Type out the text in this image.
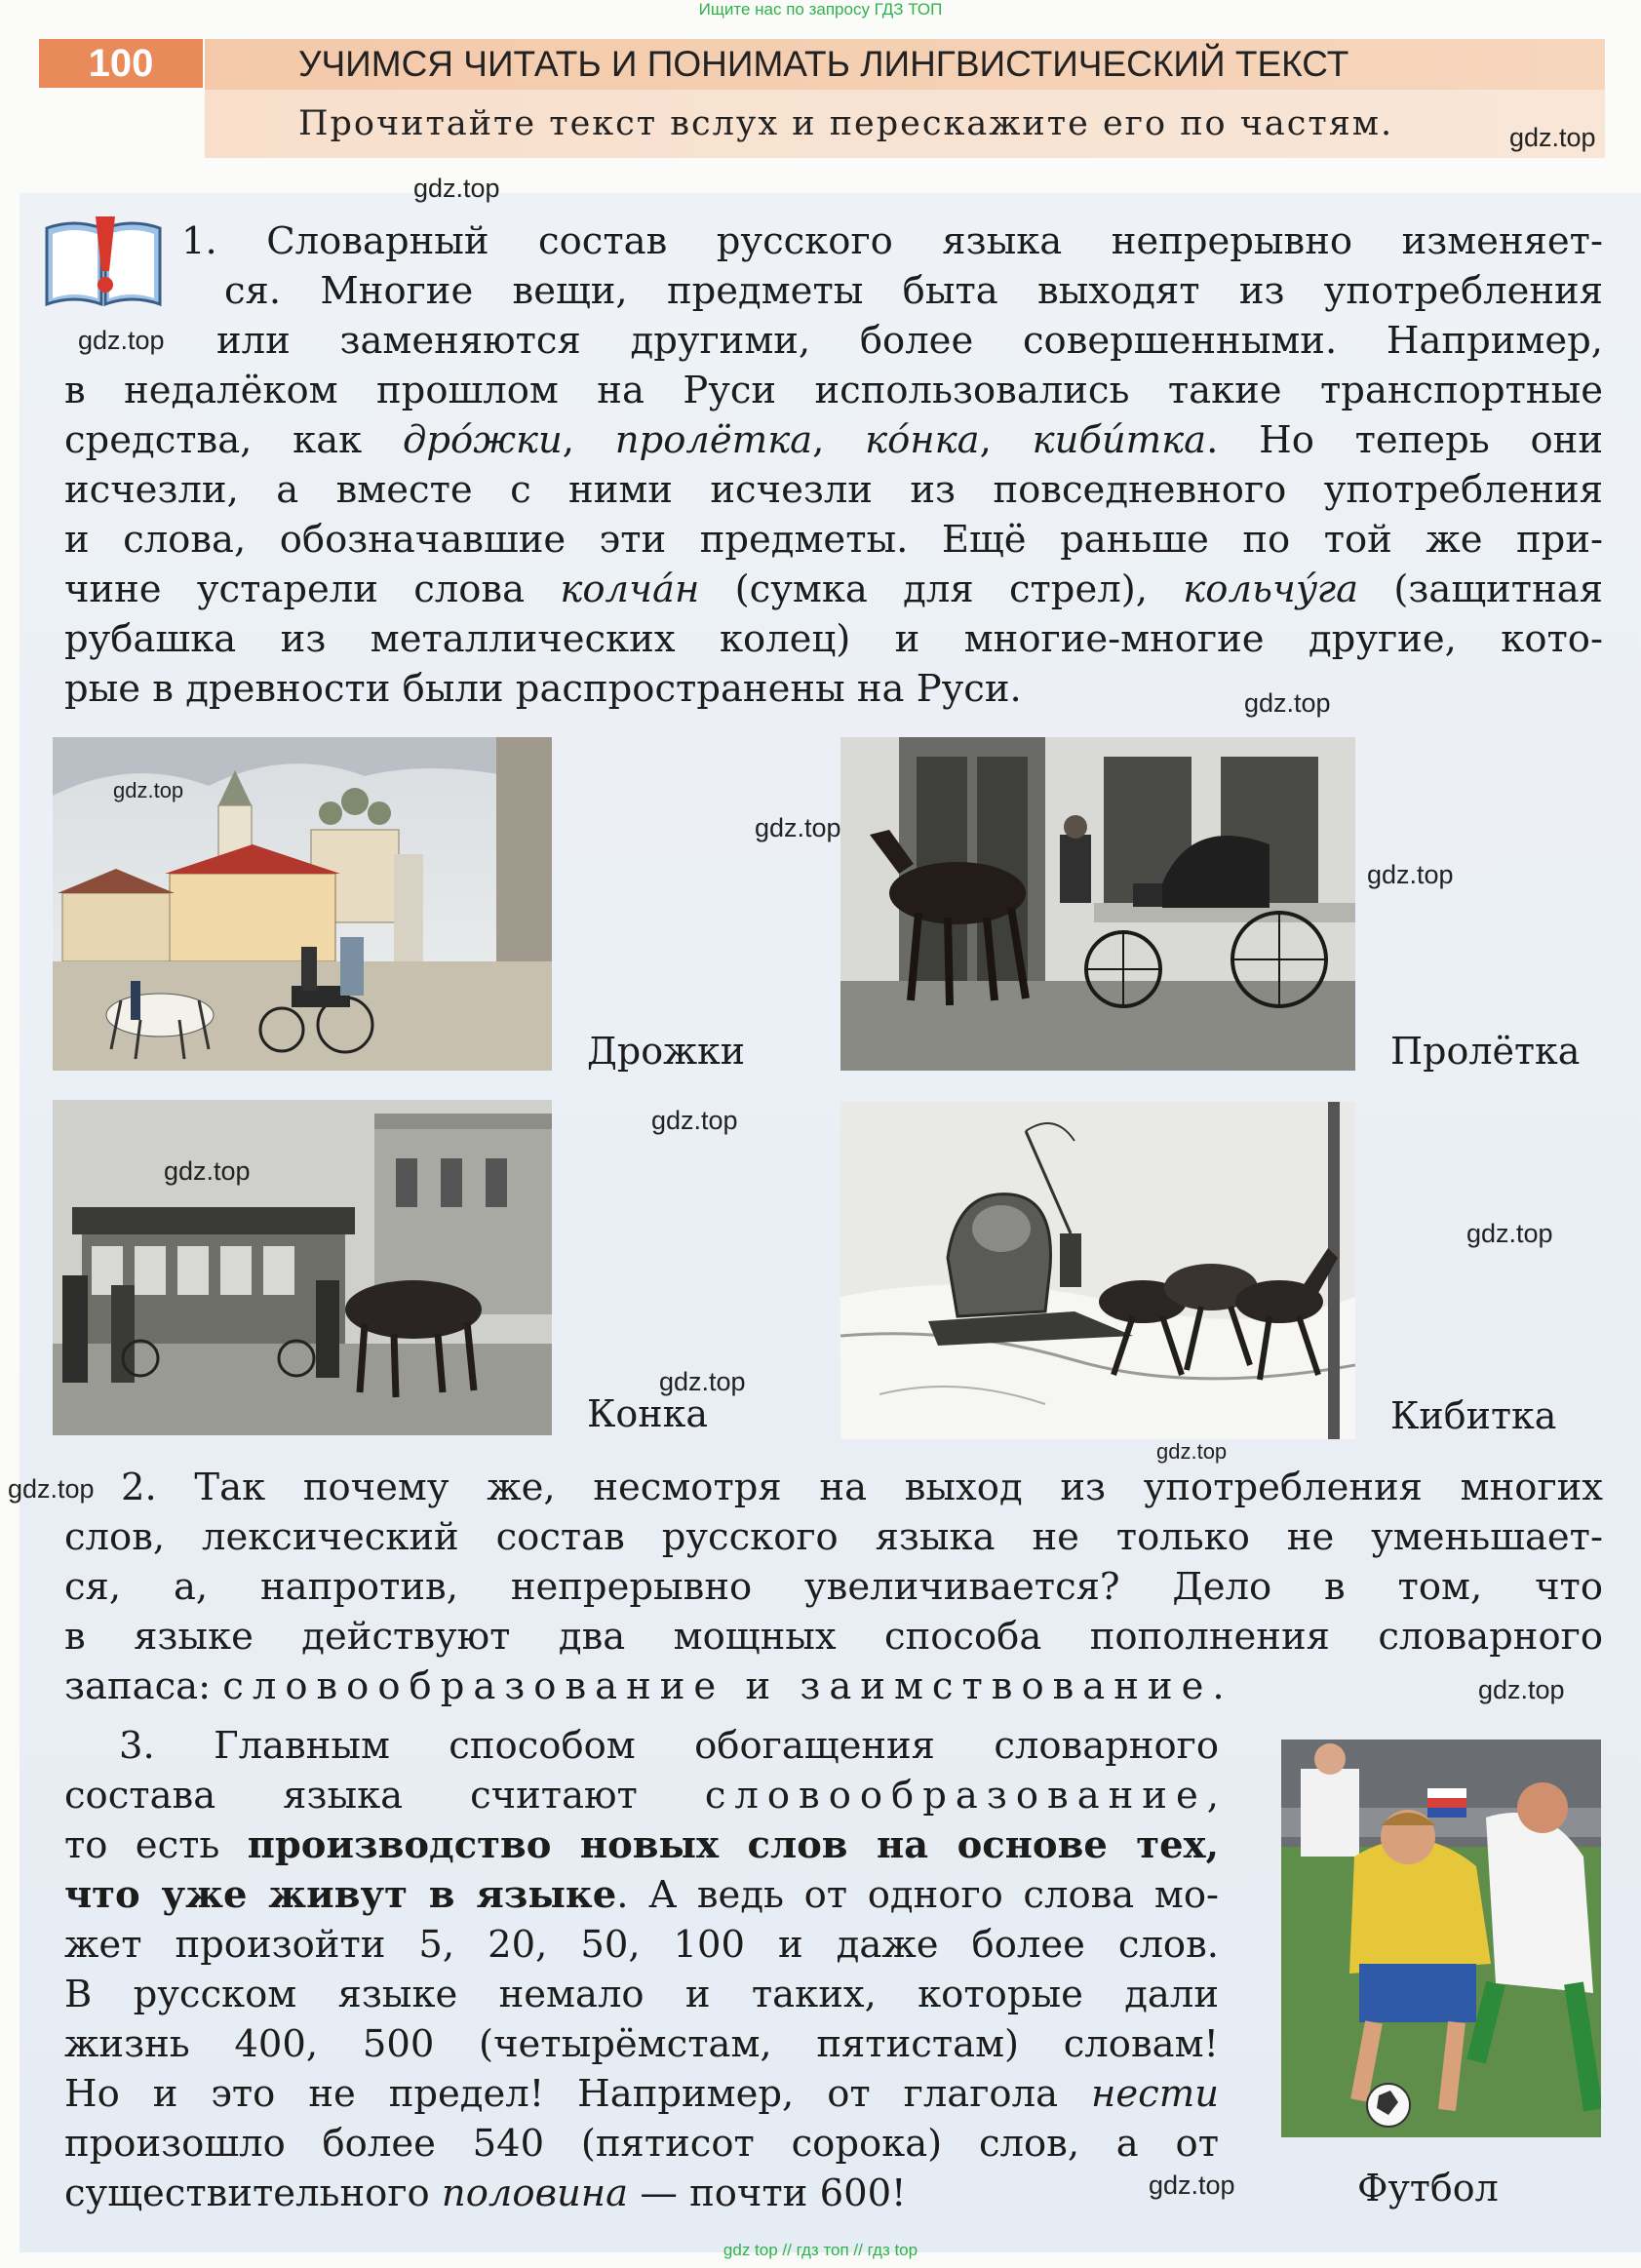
Ищите нас по запросу ГДЗ ТОП
100	УЧИМСЯ ЧИТАТЬ И ПОНИМАТЬ ЛИНГВИСТИЧЕСКИЙ ТЕКСТ
Прочитайте текст вслух и перескажите его по частям.
1. Словарный состав русского языка непрерывно изменяет-
ся. Многие вещи, предметы быта выходят из употребления
или заменяются другими, более совершенными. Например,
в недалёком прошлом на Руси использовались такие транспортные
средства, как дрóжки, пролётка, кóнка, кибúтка. Но теперь они
исчезли, а вместе с ними исчезли из повседневного употребления
и слова, обозначавшие эти предметы. Ещё раньше по той же при-
чине устарели слова колчáн (сумка для стрел), кольчýга (защитная
рубашка из металлических колец) и многие-многие другие, кото-
рые в древности были распространены на Руси.
Дрожки	Пролётка
Конка	Кибитка
2. Так почему же, несмотря на выход из употребления многих
слов, лексический состав русского языка не только не уменьшает-
ся, а, напротив, непрерывно увеличивается? Дело в том, что
в языке действуют два мощных способа пополнения словарного
запаса: словообразование и заимствование.
3. Главным способом обогащения словарного
состава языка считают словообразование,
то есть производство новых слов на основе тех,
что уже живут в языке. А ведь от одного слова мо-
жет произойти 5, 20, 50, 100 и даже более слов.
В русском языке немало и таких, которые дали
жизнь 400, 500 (четырёмстам, пятистам) словам!
Но и это не предел! Например, от глагола нести
произошло более 540 (пятисот сорока) слов, а от
существительного половина — почти 600!	Футбол
gdz.top
gdz.top
gdz.top
gdz.top
gdz.top
gdz.top
gdz.top
gdz.top
gdz.top
gdz.top
gdz.top
gdz.top
gdz.top
gdz.top
gdz.top
gdz top // гдз топ // гдз top
